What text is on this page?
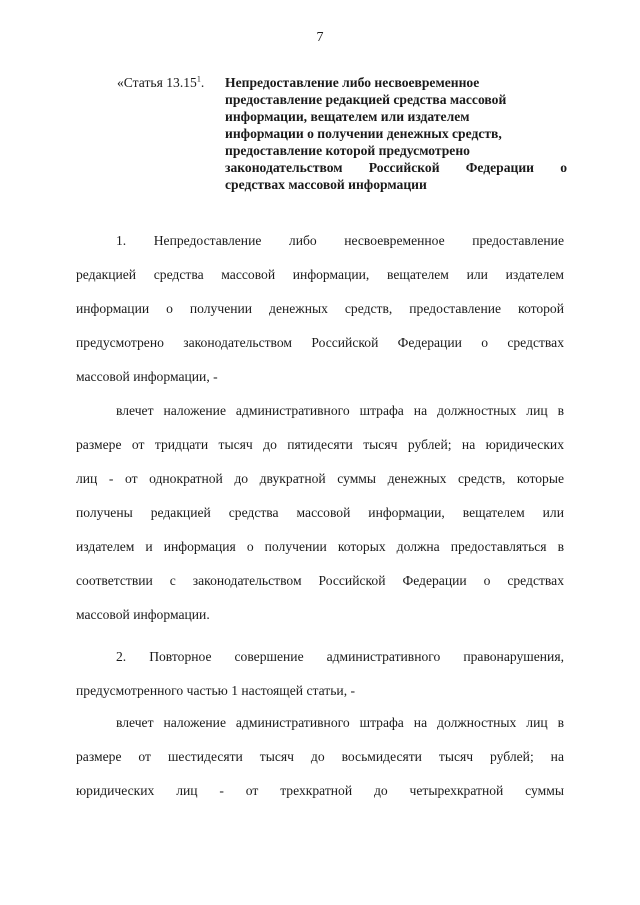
7
«Статья 13.15$^1$. Непредоставление либо несвоевременное
предоставление редакцией средства массовой
информации, вещателем или издателем
информации о получении денежных средств,
предоставление которой предусмотрено
законодательством Российской Федерации о
средствах массовой информации

1. Непредоставление либо несвоевременное предоставление
редакцией средства массовой информации, вещателем или издателем
информации о получении денежных средств, предоставление которой
предусмотрено законодательством Российской Федерации о средствах
массовой информации, -

влечет наложение административного штрафа на должностных лиц в
размере от тридцати тысяч до пятидесяти тысяч рублей; на юридических
лиц - от однократной до двукратной суммы денежных средств, которые
получены редакцией средства массовой информации, вещателем или
издателем и информация о получении которых должна предоставляться в
соответствии с законодательством Российской Федерации о средствах
массовой информации.

2. Повторное совершение административного правонарушения,
предусмотренного частью 1 настоящей статьи, -

влечет наложение административного штрафа на должностных лиц в
размере от шестидесяти тысяч до восьмидесяти тысяч рублей; на
юридических лиц - от трехкратной до четырехкратной суммы
